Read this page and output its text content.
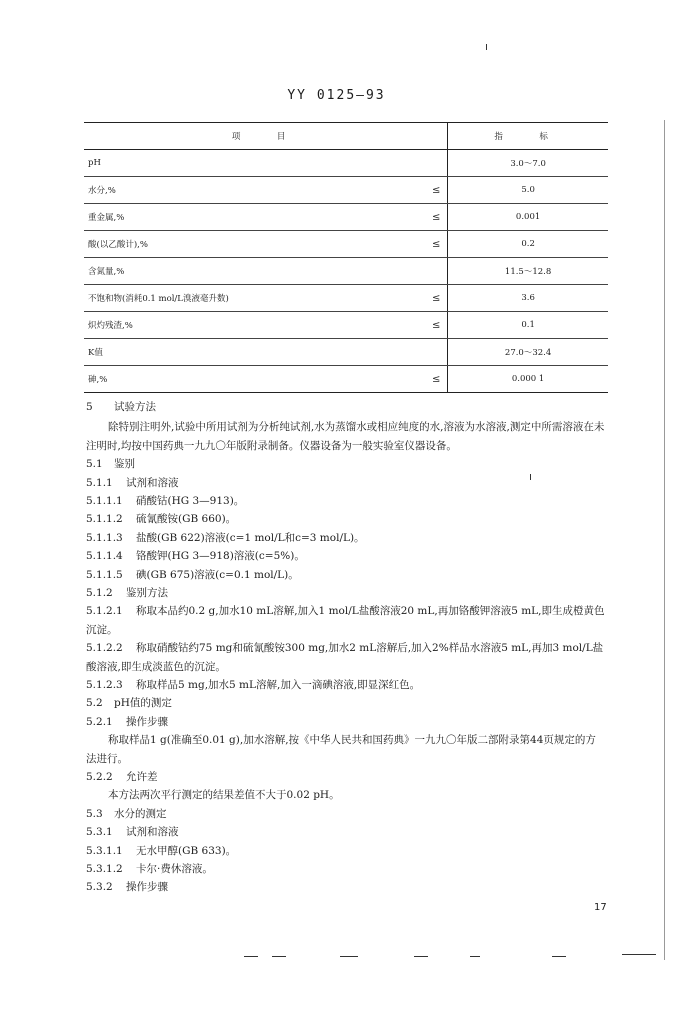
YY 0125—93
项　目		指　标
pH		3.0～7.0
水分,%	≤	5.0
重金属,%	≤	0.001
酸(以乙酸计),%	≤	0.2
含氮量,%		11.5～12.8
不饱和物(消耗0.1 mol/L溴液毫升数)	≤	3.6
炽灼残渣,%	≤	0.1
K值		27.0～32.4
砷,%	≤	0.000 1
5	试验方法
除特别注明外,试验中所用试剂为分析纯试剂,水为蒸馏水或相应纯度的水,溶液为水溶液,测定中所需溶液在未注明时,均按中国药典一九九〇年版附录制备。仪器设备为一般实验室仪器设备。
5.1	鉴别
5.1.1	试剂和溶液
5.1.1.1	硝酸钴(HG 3—913)。
5.1.1.2	硫氰酸铵(GB 660)。
5.1.1.3	盐酸(GB 622)溶液(c=1 mol/L和c=3 mol/L)。
5.1.1.4	铬酸钾(HG 3—918)溶液(c=5%)。
5.1.1.5	碘(GB 675)溶液(c=0.1 mol/L)。
5.1.2	鉴别方法
5.1.2.1 称取本品约0.2 g,加水10 mL溶解,加入1 mol/L盐酸溶液20 mL,再加铬酸钾溶液5 mL,即生成橙黄色沉淀。
5.1.2.2 称取硝酸钴约75 mg和硫氰酸铵300 mg,加水2 mL溶解后,加入2%样品水溶液5 mL,再加3 mol/L盐酸溶液,即生成淡蓝色的沉淀。
5.1.2.3	称取样品5 mg,加水5 mL溶解,加入一滴碘溶液,即显深红色。
5.2	pH值的测定
5.2.1	操作步骤
称取样品1 g(准确至0.01 g),加水溶解,按《中华人民共和国药典》一九九〇年版二部附录第44页规定的方法进行。
5.2.2	允许差
本方法两次平行测定的结果差值不大于0.02 pH。
5.3	水分的测定
5.3.1	试剂和溶液
5.3.1.1	无水甲醇(GB 633)。
5.3.1.2	卡尔·费休溶液。
5.3.2	操作步骤
17
